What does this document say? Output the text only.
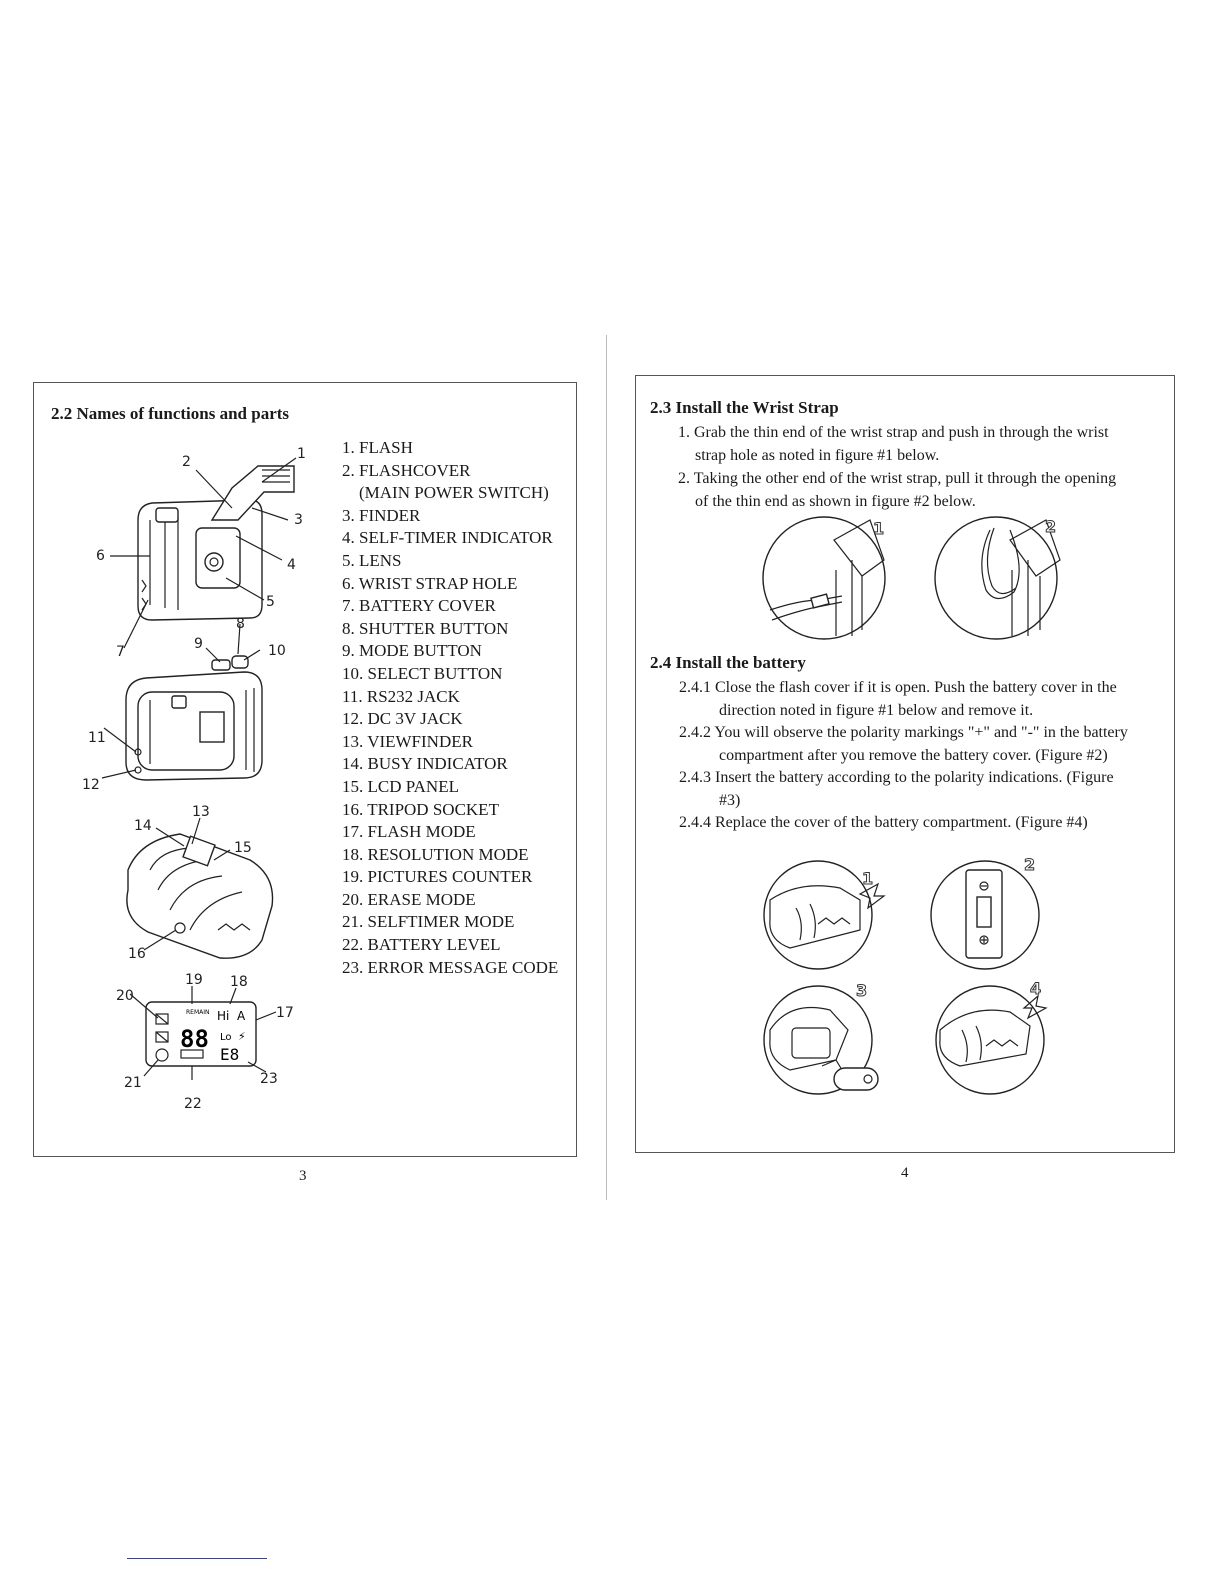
2.2 Names of functions and parts
1. FLASH
2. FLASHCOVER
(MAIN POWER SWITCH)
3. FINDER
4. SELF-TIMER INDICATOR
5. LENS
6. WRIST STRAP HOLE
7. BATTERY COVER
8. SHUTTER BUTTON
9. MODE BUTTON
10. SELECT BUTTON
11. RS232 JACK
12. DC 3V JACK
13. VIEWFINDER
14. BUSY INDICATOR
15. LCD PANEL
16. TRIPOD SOCKET
17. FLASH MODE
18. RESOLUTION MODE
19. PICTURES COUNTER
20. ERASE MODE
21. SELFTIMER MODE
22. BATTERY LEVEL
23. ERROR MESSAGE CODE
REMAIN
88
Hi A
Lo ⚡
E8
1
2
3
4
5
6
7
8
9	10
11
12
13
14
15
16
17
18
19
20
21
22
23
3
2.3 Install the Wrist Strap
1. Grab the thin end of the wrist strap and push in through the wrist
strap hole as noted in figure #1 below.
2. Taking the other end of the wrist strap, pull it through the opening
of the thin end as shown in figure #2 below.
1	2
2.4 Install the battery
2.4.1 Close the flash cover if it is open. Push the battery cover in the
direction noted in figure #1 below and remove it.
2.4.2 You will observe the polarity markings "+" and "-" in the battery
compartment after you remove the battery cover. (Figure #2)
2.4.3 Insert the battery according to the polarity indications. (Figure
#3)
2.4.4 Replace the cover of the battery compartment. (Figure #4)
1
2
3	4
4
